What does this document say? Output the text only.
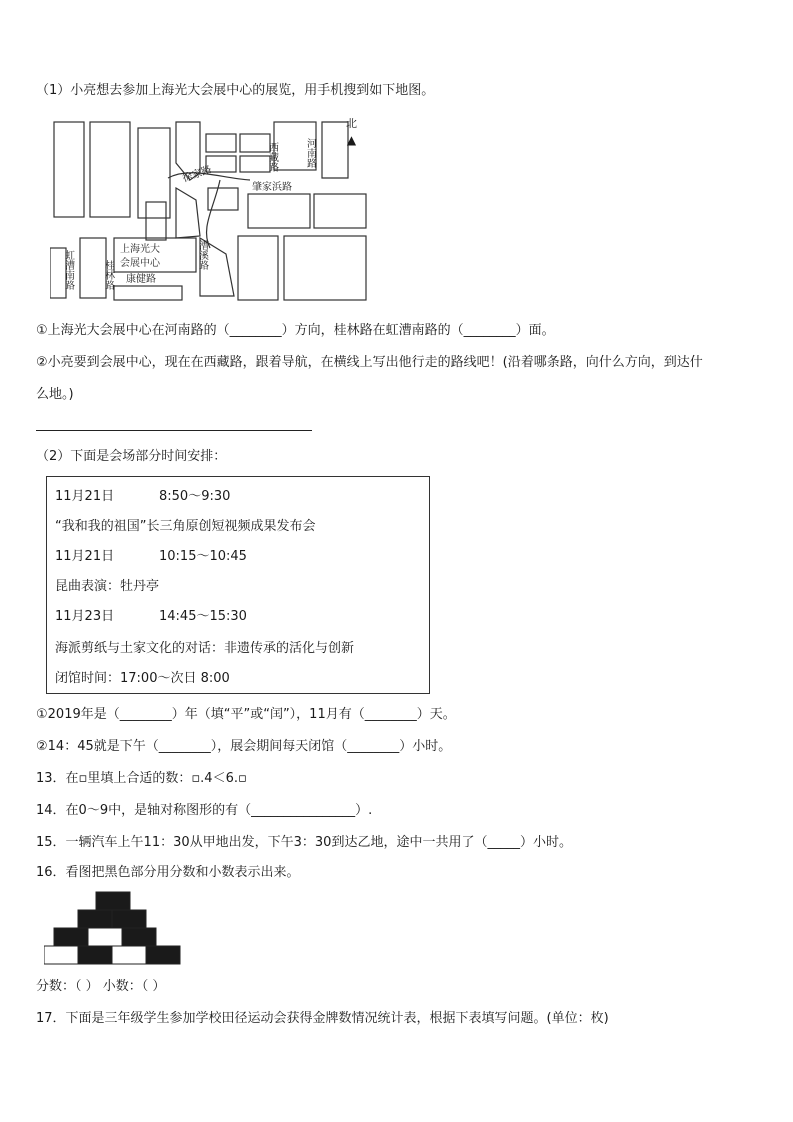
（1）小亮想去参加上海光大会展中心的展览，用手机搜到如下地图。
西藏路	河南路
徐家路
肇家浜路
漕溪路
虹漕南路	桂林路
上海光大
会展中心
康健路
北
▲
①上海光大会展中心在河南路的（________）方向，桂林路在虹漕南路的（________）面。
②小亮要到会展中心，现在在西藏路，跟着导航，在横线上写出他行走的路线吧！(沿着哪条路，向什么方向，到达什
么地。)
（2）下面是会场部分时间安排：
11月21日	8:50～9:30
“我和我的祖国”长三角原创短视频成果发布会
11月21日	10:15～10:45
昆曲表演：牡丹亭
11月23日	14:45～15:30
海派剪纸与土家文化的对话：非遗传承的活化与创新
闭馆时间：17:00～次日 8:00
①2019年是（________）年（填“平”或“闰”），11月有（________）天。
②14：45就是下午（________），展会期间每天闭馆（________）小时。
13．在▫里填上合适的数：▫.4＜6.▫
14．在0～9中，是轴对称图形的有（________________）.
15．一辆汽车上午11：30从甲地出发，下午3：30到达乙地，途中一共用了（_____）小时。
16．看图把黑色部分用分数和小数表示出来。
分数：（ ） 小数：（ ）
17．下面是三年级学生参加学校田径运动会获得金牌数情况统计表，根据下表填写问题。(单位：枚)
